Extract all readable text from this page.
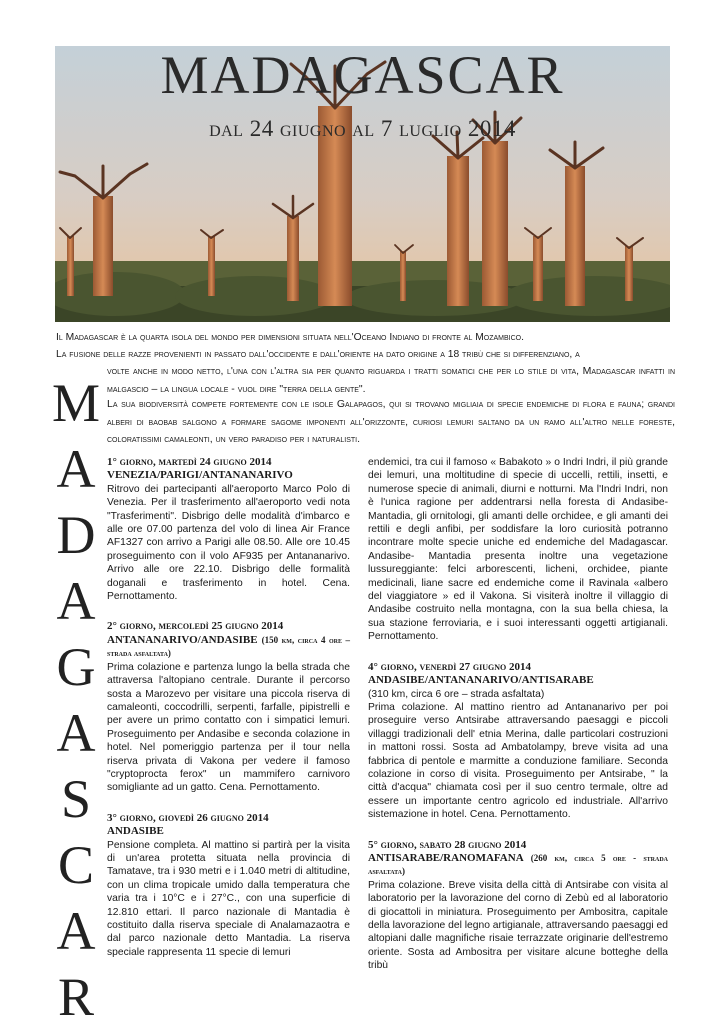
MADAGASCAR
dal 24 giugno al 7 luglio 2014
Il Madagascar è la quarta isola del mondo per dimensioni situata nell'Oceano Indiano di fronte al Mozambico.
La fusione delle razze provenienti in passato dall'occidente e dall'oriente ha dato origine a 18 tribù che si differenziano, a
volte anche in modo netto, l'una con l'altra sia per quanto riguarda i tratti somatici che per lo stile di vita, Madagascar infatti in malgascio – la lingua locale - vuol dire "terra della gente".
La sua biodiversità compete fortemente con le isole Galapagos, qui si trovano migliaia di specie endemiche di flora e fauna; grandi alberi di baobab salgono a formare sagome imponenti all'orizzonte, curiosi lemuri saltano da un ramo all'altro nelle foreste, coloratissimi camaleonti, un vero paradiso per i naturalisti.
M
A
D
A
G
A
S
C
A
R

1° giorno, martedì 24 giugno 2014

VENEZIA/PARIGI/ANTANANARIVO

Ritrovo dei partecipanti all'aeroporto Marco Polo di Venezia. Per il trasferimento all'aeroporto vedi nota "Trasferimenti". Disbrigo delle modalità d'imbarco e alle ore 07.00 partenza del volo di linea Air France AF1327 con arrivo a Parigi alle 08.50. Alle ore 10.45 proseguimento con il volo AF935 per Antananarivo. Arrivo alle ore 22.10. Disbrigo delle formalità doganali e trasferimento in hotel. Cena. Pernottamento.

2° giorno, mercoledì 25 giugno 2014

ANTANANARIVO/ANDASIBE (150 km, circa 4 ore – strada asfaltata)

Prima colazione e partenza lungo la bella strada che attraversa l'altopiano centrale. Durante il percorso sosta a Marozevo per visitare una piccola riserva di camaleonti, coccodrilli, serpenti, farfalle, pipistrelli e per avere un primo contatto con i simpatici lemuri. Proseguimento per Andasibe e seconda colazione in hotel. Nel pomeriggio partenza per il tour nella riserva privata di Vakona per vedere il famoso "cryptoprocta ferox" un mammifero carnivoro somigliante ad un gatto. Cena. Pernottamento.

3° giorno, giovedì 26 giugno 2014

ANDASIBE

Pensione completa. Al mattino si partirà per la visita di un'area protetta situata nella provincia di Tamatave, tra i 930 metri e i 1.040 metri di altitudine, con un clima tropicale umido dalla temperatura che varia tra i 10°C e i 27°C., con una superficie di 12.810 ettari. Il parco nazionale di Mantadia è costituito dalla riserva speciale di Analamazaotra e dal parco nazionale detto Mantadia. La riserva speciale rappresenta 11 specie di lemuri

endemici, tra cui il famoso « Babakoto » o Indri Indri, il più grande dei lemuri, una moltitudine di specie di uccelli, rettili, insetti, e numerose specie di animali, diurni e notturni. Ma l'Indri Indri, non è l'unica ragione per addentrarsi nella foresta di Andasibe-Mantadia, gli ornitologi, gli amanti delle orchidee, e gli amanti dei rettili e degli anfibi, per soddisfare la loro curiosità potranno incontrare molte specie uniche ed endemiche del Madagascar. Andasibe- Mantadia presenta inoltre una vegetazione lussureggiante: felci arborescenti, licheni, orchidee, piante medicinali, liane sacre ed endemiche come il Ravinala «albero del viaggiatore » ed il Vakona. Si visiterà inoltre il villaggio di Andasibe costruito nella montagna, con la sua bella chiesa, la sua stazione ferroviaria, e i suoi interessanti oggetti artigianali. Pernottamento.

4° giorno, venerdì 27 giugno 2014

ANDASIBE/ANTANANARIVO/ANTISARABE

(310 km, circa 6 ore – strada asfaltata)

Prima colazione. Al mattino rientro ad Antananarivo per poi proseguire verso Antsirabe attraversando paesaggi e piccoli villaggi tradizionali dell' etnia Merina, dalle particolari costruzioni in mattoni rossi. Sosta ad Ambatolampy, breve visita ad una fabbrica di pentole e marmitte a conduzione familiare. Seconda colazione in corso di visita. Proseguimento per Antsirabe, " la città d'acqua" chiamata così per il suo centro termale, oltre ad essere un importante centro agricolo ed industriale. All'arrivo sistemazione in hotel. Cena. Pernottamento.

5° giorno, sabato 28 giugno 2014

ANTISARABE/RANOMAFANA (260 km, circa 5 ore - strada asfaltata)

Prima colazione. Breve visita della città di Antsirabe con visita al laboratorio per la lavorazione del corno di Zebù ed al laboratorio di giocattoli in miniatura. Proseguimento per Ambositra, capitale della lavorazione del legno artigianale, attraversando paesaggi ed altopiani dalle magnifiche risaie terrazzate originarie dell'estremo oriente. Sosta ad Ambositra per visitare alcune botteghe della tribù
